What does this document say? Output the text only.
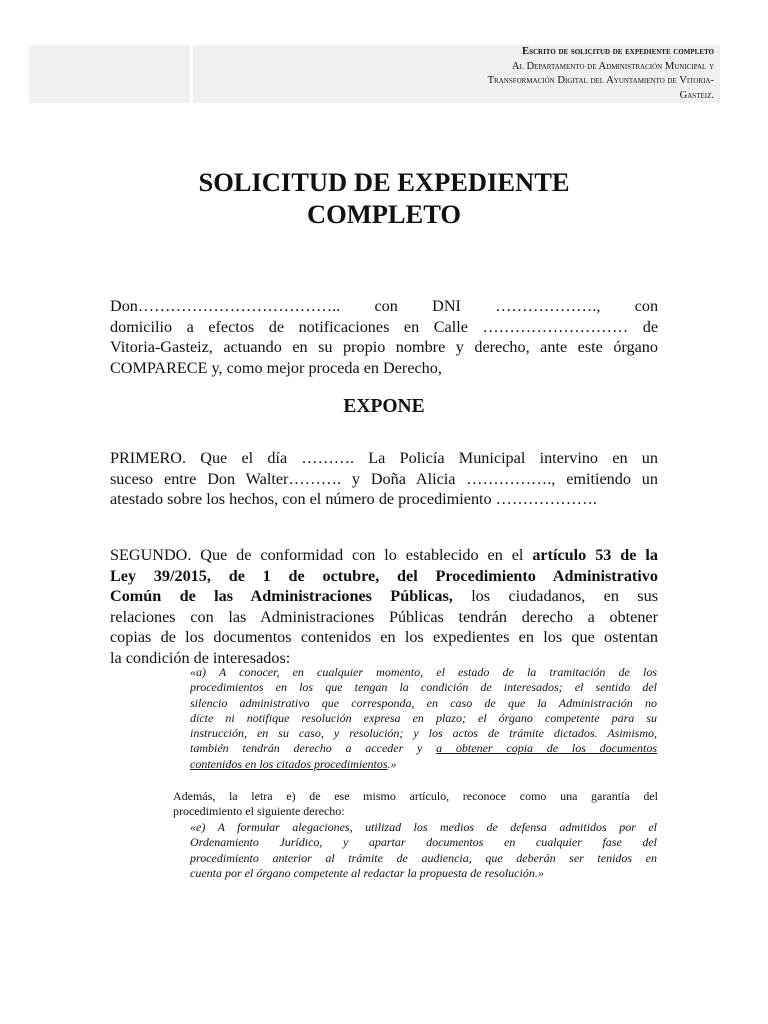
Escrito de solicitud de expediente completo
Al Departamento de Administración Municipal y
Transformación Digital del Ayuntamiento de Vitoria-
Gasteiz.
SOLICITUD DE EXPEDIENTE
COMPLETO
Don……………………………….. con DNI ………………., con
domicilio a efectos de notificaciones en Calle ……………………… de
Vitoria-Gasteiz, actuando en su propio nombre y derecho, ante este órgano
COMPARECE y, como mejor proceda en Derecho,
EXPONE
PRIMERO. Que el día ………. La Policía Municipal intervino en un
suceso entre Don Walter………. y Doña Alicia ……………., emitiendo un
atestado sobre los hechos, con el número de procedimiento ……………….
SEGUNDO. Que de conformidad con lo establecido en el artículo 53 de la
Ley 39/2015, de 1 de octubre, del Procedimiento Administrativo
Común de las Administraciones Públicas, los ciudadanos, en sus
relaciones con las Administraciones Públicas tendrán derecho a obtener
copias de los documentos contenidos en los expedientes en los que ostentan
la condición de interesados:
«a) A conocer, en cualquier momento, el estado de la tramitación de los
procedimientos en los que tengan la condición de interesados; el sentido del
silencio administrativo que corresponda, en caso de que la Administración no
dicte ni notifique resolución expresa en plazo; el órgano competente para su
instrucción, en su caso, y resolución; y los actos de trámite dictados. Asimismo,
también tendrán derecho a acceder y a obtener copia de los documentos
contenidos en los citados procedimientos.»
Además, la letra e) de ese mismo artículo, reconoce como una garantía del
procedimiento el siguiente derecho:
«e) A formular alegaciones, utilizad los medios de defensa admitidos por el
Ordenamiento Jurídico, y apartar documentos en cualquier fase del
procedimiento anterior al trámite de audiencia, que deberán ser tenidos en
cuenta por el órgano competente al redactar la propuesta de resolución.»
